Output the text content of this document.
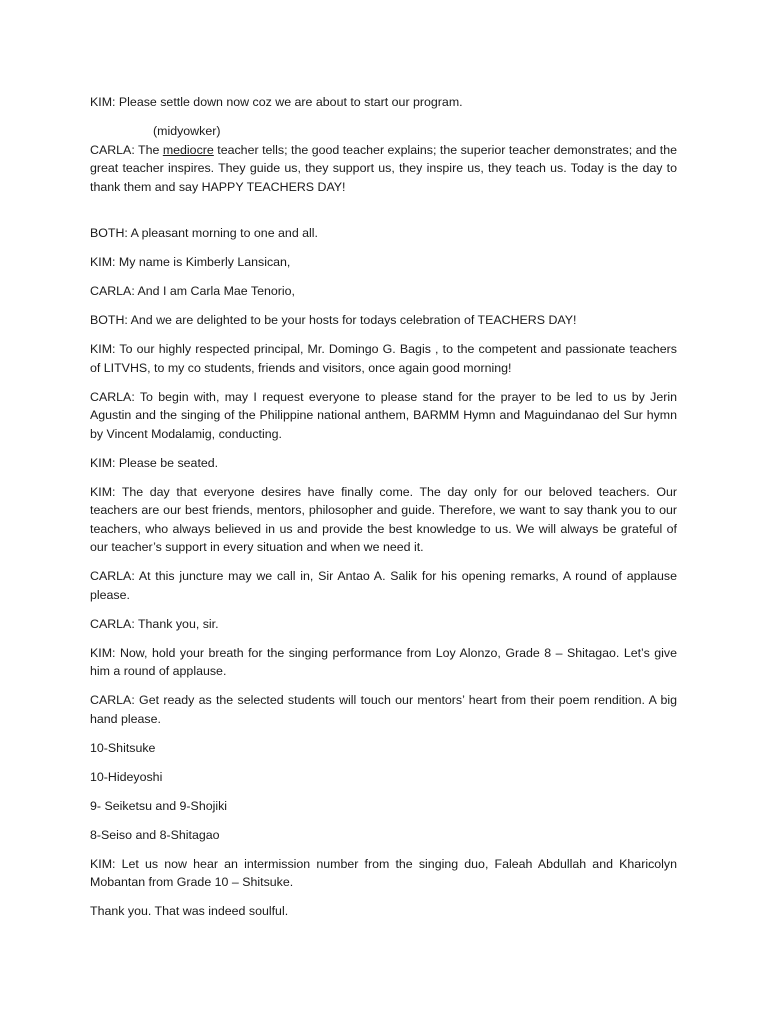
KIM: Please settle down now coz we are about to start our program.

(midyowker)

CARLA: The mediocre teacher tells; the good teacher explains; the superior teacher demonstrates; and the great teacher inspires. They guide us, they support us, they inspire us, they teach us. Today is the day to thank them and say HAPPY TEACHERS DAY!

BOTH: A pleasant morning to one and all.

KIM: My name is Kimberly Lansican,

CARLA: And I am Carla Mae Tenorio,

BOTH: And we are delighted to be your hosts for todays celebration of TEACHERS DAY!

KIM: To our highly respected principal, Mr. Domingo G. Bagis , to the competent and passionate teachers of LITVHS, to my co students, friends and visitors, once again good morning!

CARLA: To begin with, may I request everyone to please stand for the prayer to be led to us by Jerin Agustin and the singing of the Philippine national anthem, BARMM Hymn and Maguindanao del Sur hymn by Vincent Modalamig, conducting.

KIM: Please be seated.

KIM: The day that everyone desires have finally come. The day only for our beloved teachers. Our teachers are our best friends, mentors, philosopher and guide. Therefore, we want to say thank you to our teachers, who always believed in us and provide the best knowledge to us. We will always be grateful of our teacher’s support in every situation and when we need it.

CARLA: At this juncture may we call in, Sir Antao A. Salik for his opening remarks, A round of applause please.

CARLA: Thank you, sir.

KIM: Now, hold your breath for the singing performance from Loy Alonzo, Grade 8 – Shitagao. Let’s give him a round of applause.

CARLA: Get ready as the selected students will touch our mentors’ heart from their poem rendition. A big hand please.

10-Shitsuke

10-Hideyoshi

9- Seiketsu and 9-Shojiki

8-Seiso and 8-Shitagao

KIM: Let us now hear an intermission number from the singing duo, Faleah Abdullah and Kharicolyn Mobantan from Grade 10 – Shitsuke.

Thank you. That was indeed soulful.
